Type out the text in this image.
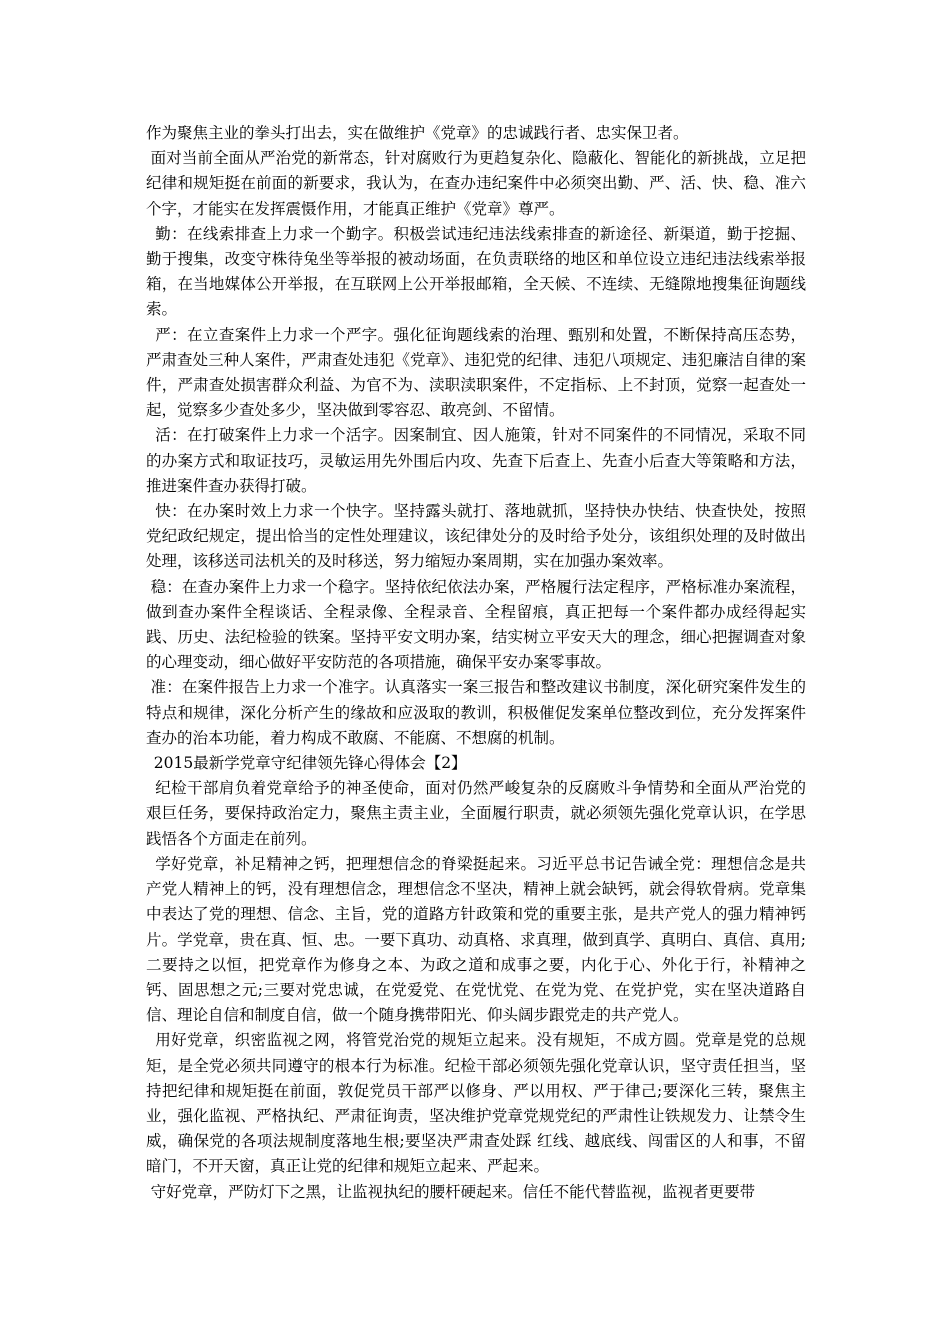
作为聚焦主业的拳头打出去，实在做维护《党章》的忠诚践行者、忠实保卫者。

面对当前全面从严治党的新常态，针对腐败行为更趋复杂化、隐蔽化、智能化的新挑战，立足把纪律和规矩挺在前面的新要求，我认为，在查办违纪案件中必须突出勤、严、活、快、稳、准六个字，才能实在发挥震慑作用，才能真正维护《党章》尊严。

勤：在线索排查上力求一个勤字。积极尝试违纪违法线索排查的新途径、新渠道，勤于挖掘、勤于搜集，改变守株待兔坐等举报的被动场面，在负责联络的地区和单位设立违纪违法线索举报箱，在当地媒体公开举报，在互联网上公开举报邮箱，全天候、不连续、无缝隙地搜集征询题线索。

严：在立查案件上力求一个严字。强化征询题线索的治理、甄别和处置，不断保持高压态势，严肃查处三种人案件，严肃查处违犯《党章》、违犯党的纪律、违犯八项规定、违犯廉洁自律的案件，严肃查处损害群众利益、为官不为、渎职渎职案件，不定指标、上不封顶，觉察一起查处一起，觉察多少查处多少，坚决做到零容忍、敢亮剑、不留情。

活：在打破案件上力求一个活字。因案制宜、因人施策，针对不同案件的不同情况，采取不同的办案方式和取证技巧，灵敏运用先外围后内攻、先查下后查上、先查小后查大等策略和方法，推进案件查办获得打破。

快：在办案时效上力求一个快字。坚持露头就打、落地就抓，坚持快办快结、快查快处，按照党纪政纪规定，提出恰当的定性处理建议，该纪律处分的及时给予处分，该组织处理的及时做出处理，该移送司法机关的及时移送，努力缩短办案周期，实在加强办案效率。

稳：在查办案件上力求一个稳字。坚持依纪依法办案，严格履行法定程序，严格标准办案流程，做到查办案件全程谈话、全程录像、全程录音、全程留痕，真正把每一个案件都办成经得起实践、历史、法纪检验的铁案。坚持平安文明办案，结实树立平安天大的理念，细心把握调查对象的心理变动，细心做好平安防范的各项措施，确保平安办案零事故。

准：在案件报告上力求一个准字。认真落实一案三报告和整改建议书制度，深化研究案件发生的特点和规律，深化分析产生的缘故和应汲取的教训，积极催促发案单位整改到位，充分发挥案件查办的治本功能，着力构成不敢腐、不能腐、不想腐的机制。

2015最新学党章守纪律领先锋心得体会【2】

纪检干部肩负着党章给予的神圣使命，面对仍然严峻复杂的反腐败斗争情势和全面从严治党的艰巨任务，要保持政治定力，聚焦主责主业，全面履行职责，就必须领先强化党章认识，在学思践悟各个方面走在前列。

学好党章，补足精神之钙，把理想信念的脊梁挺起来。习近平总书记告诫全党：理想信念是共产党人精神上的钙，没有理想信念，理想信念不坚决，精神上就会缺钙，就会得软骨病。党章集中表达了党的理想、信念、主旨，党的道路方针政策和党的重要主张，是共产党人的强力精神钙片。学党章，贵在真、恒、忠。一要下真功、动真格、求真理，做到真学、真明白、真信、真用;二要持之以恒，把党章作为修身之本、为政之道和成事之要，内化于心、外化于行，补精神之钙、固思想之元;三要对党忠诚，在党爱党、在党忧党、在党为党、在党护党，实在坚决道路自信、理论自信和制度自信，做一个随身携带阳光、仰头阔步跟党走的共产党人。

用好党章，织密监视之网，将管党治党的规矩立起来。没有规矩，不成方圆。党章是党的总规矩，是全党必须共同遵守的根本行为标准。纪检干部必须领先强化党章认识，坚守责任担当，坚持把纪律和规矩挺在前面，敦促党员干部严以修身、严以用权、严于律己;要深化三转，聚焦主业，强化监视、严格执纪、严肃征询责，坚决维护党章党规党纪的严肃性让铁规发力、让禁令生威，确保党的各项法规制度落地生根;要坚决严肃查处踩 红线、越底线、闯雷区的人和事，不留暗门，不开天窗，真正让党的纪律和规矩立起来、严起来。

守好党章，严防灯下之黑，让监视执纪的腰杆硬起来。信任不能代替监视，监视者更要带
